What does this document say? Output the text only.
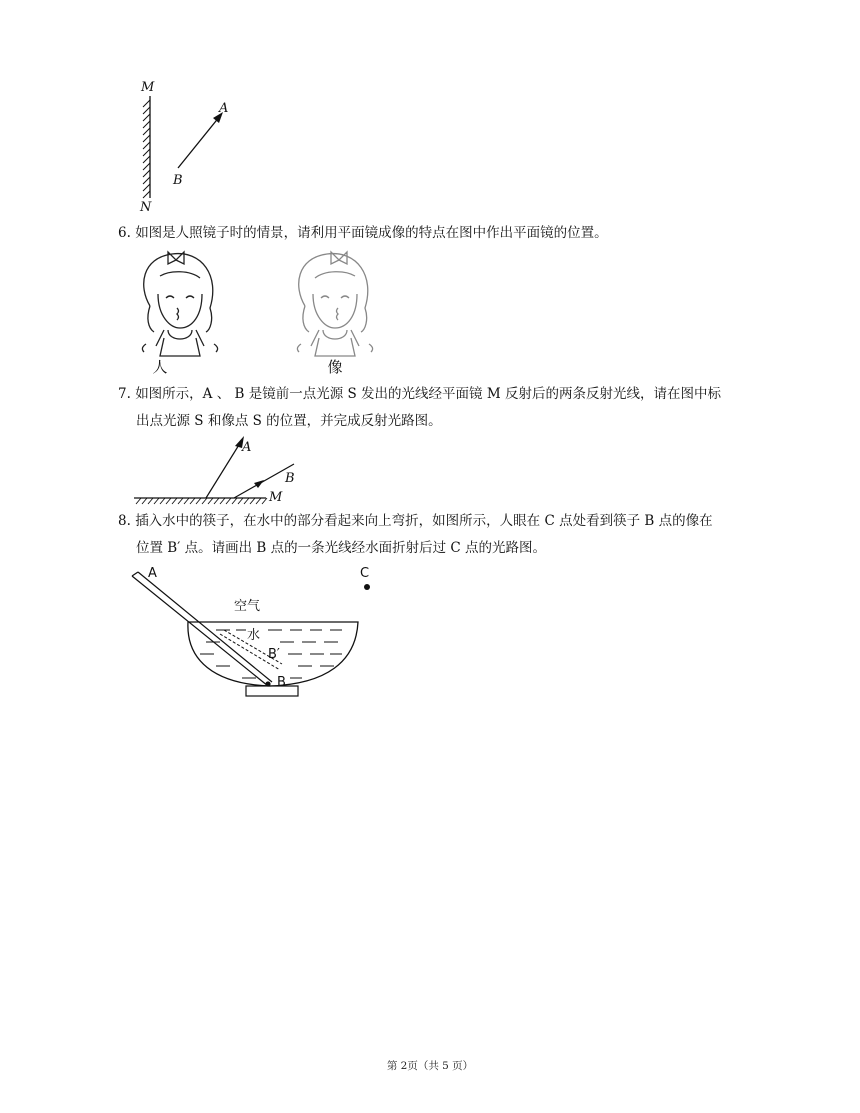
M
N
A
B
6. 如图是人照镜子时的情景，请利用平面镜成像的特点在图中作出平面镜的位置。
人	像
7. 如图所示，A 、 B 是镜前一点光源 S 发出的光线经平面镜 M 反射后的两条反射光线，请在图中标
出点光源 S 和像点 S 的位置，并完成反射光路图。
A
B
M
8. 插入水中的筷子，在水中的部分看起来向上弯折，如图所示，人眼在 C 点处看到筷子 B 点的像在
位置 B′ 点。请画出 B 点的一条光线经水面折射后过 C 点的光路图。
A	C
空气
水
B′
B
第 2页（共 5 页）
